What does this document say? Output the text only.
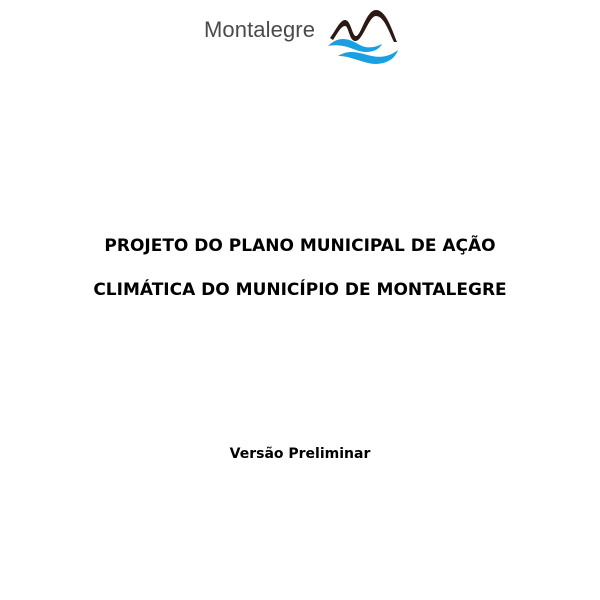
Montalegre
PROJETO DO PLANO MUNICIPAL DE AÇÃO
CLIMÁTICA DO MUNICÍPIO DE MONTALEGRE
Versão Preliminar
